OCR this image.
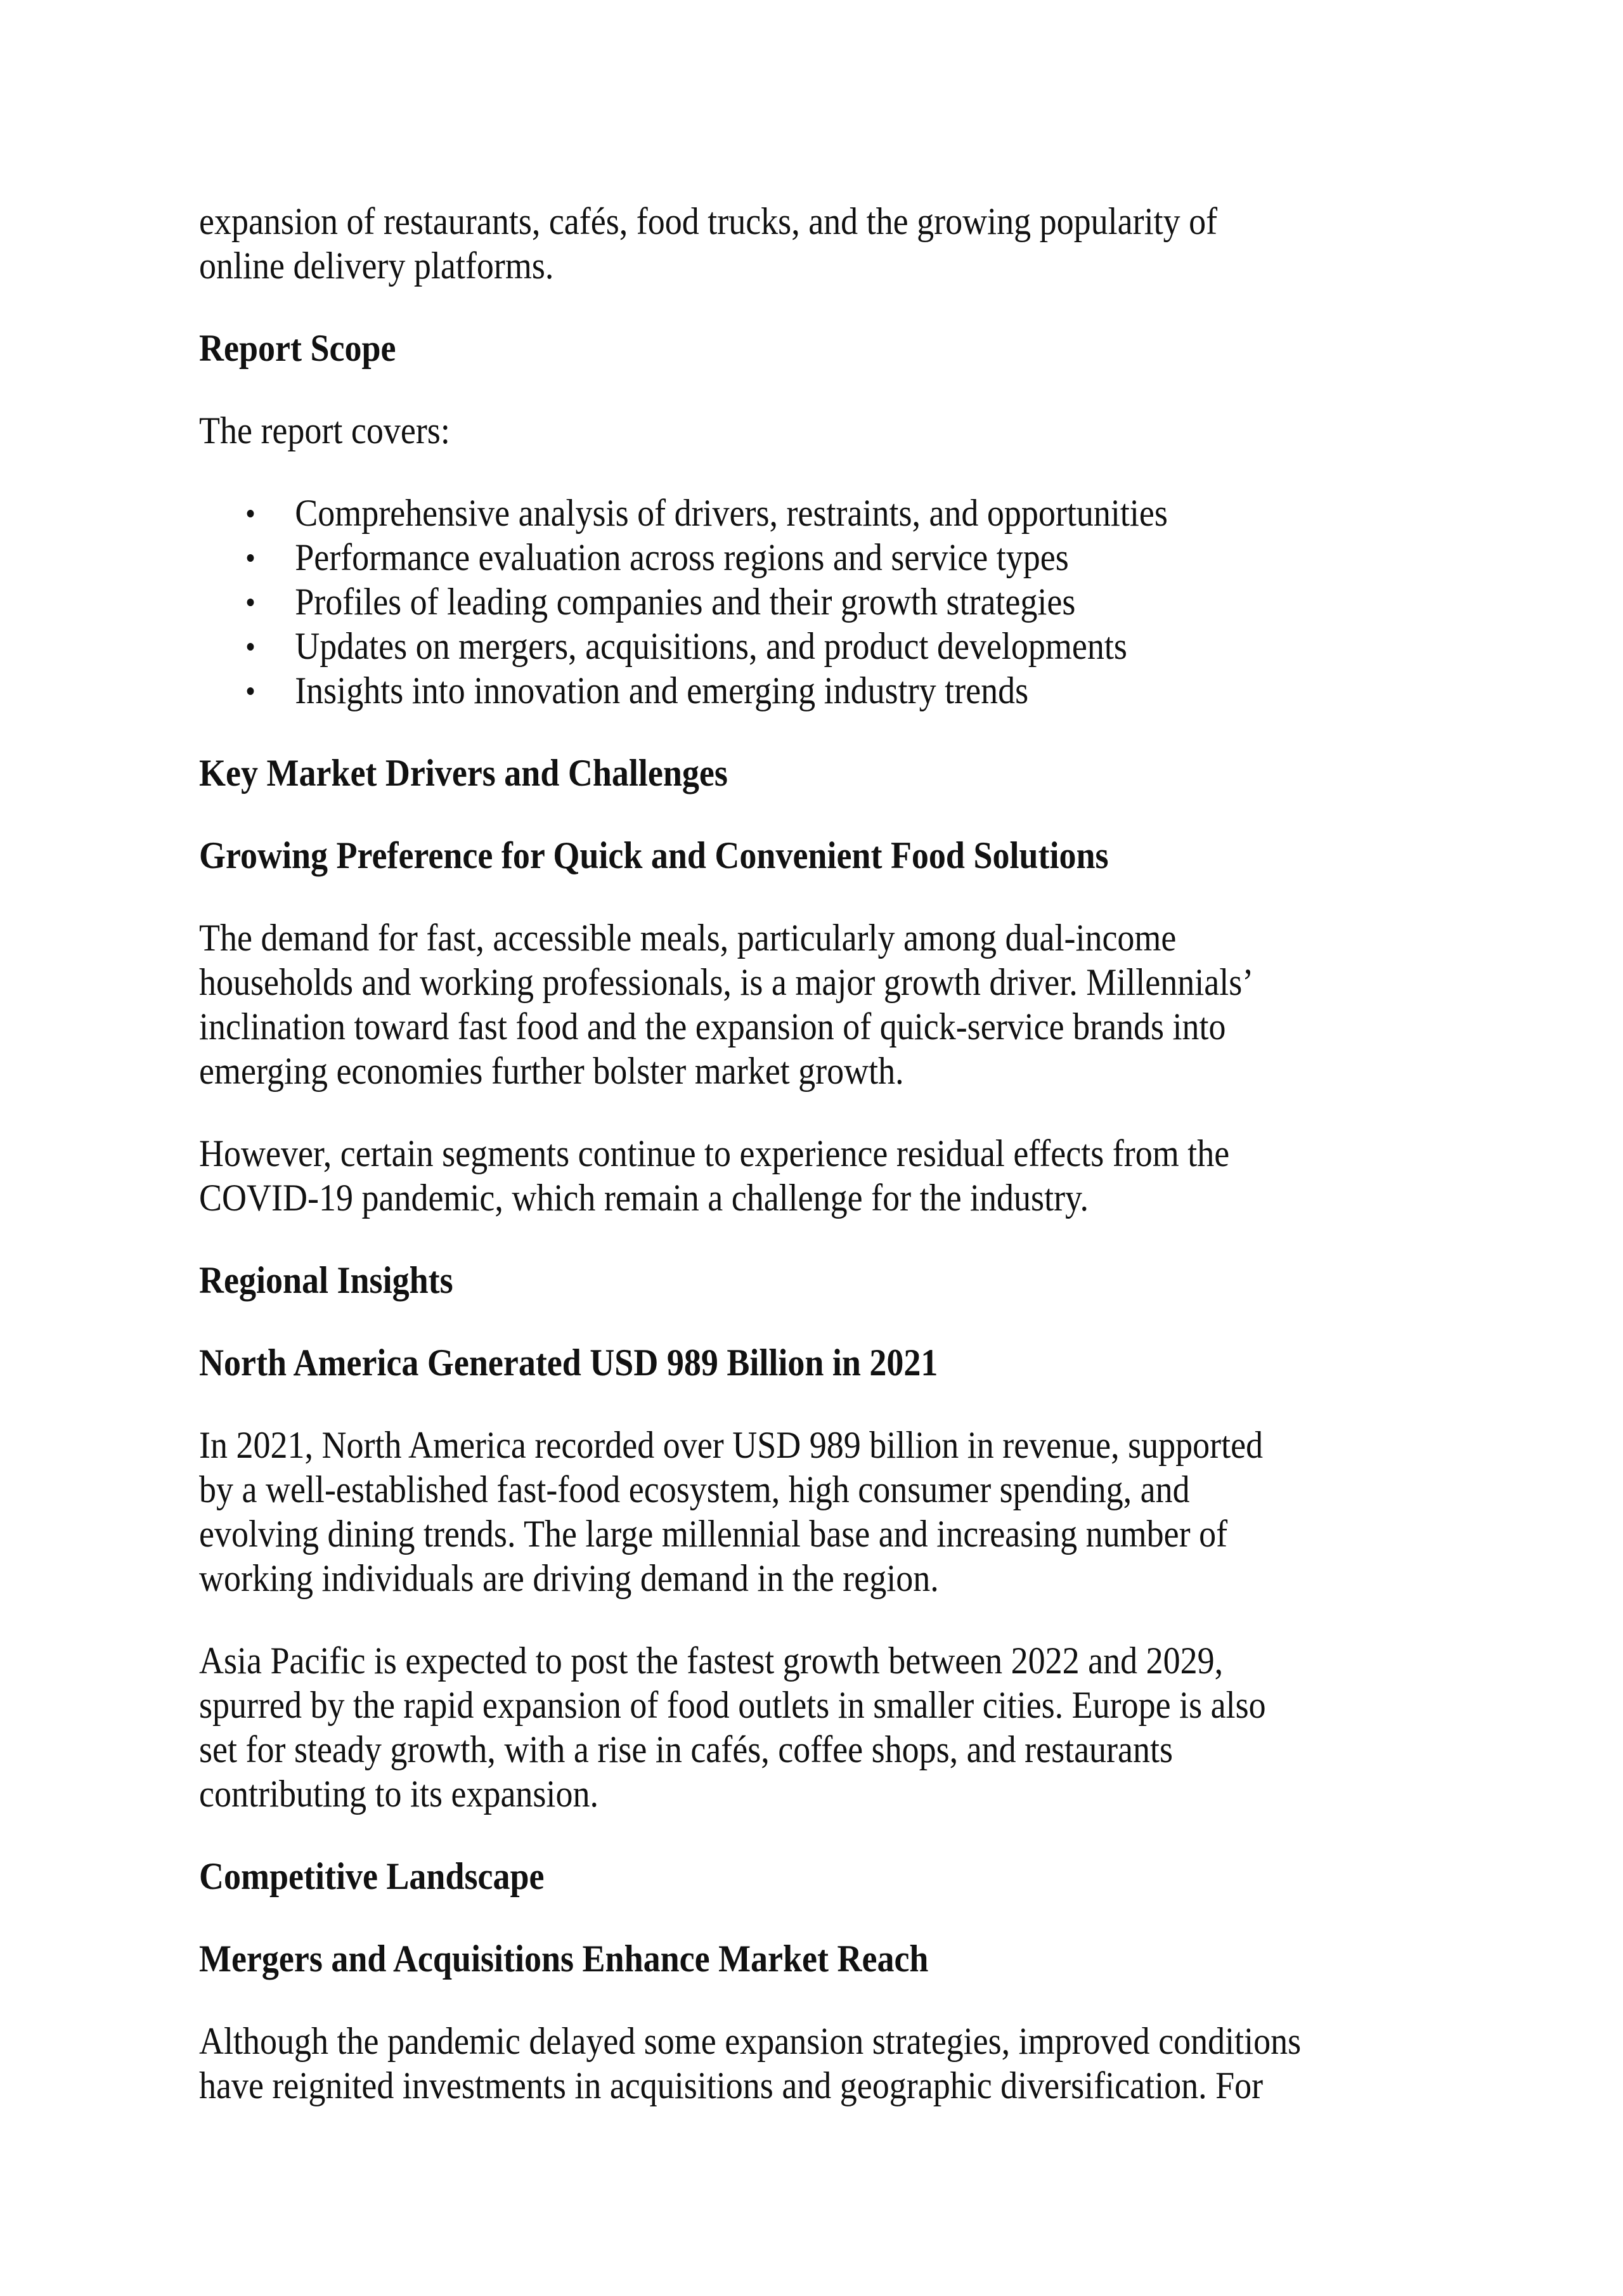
expansion of restaurants, cafés, food trucks, and the growing popularity of
online delivery platforms.

Report Scope

The report covers:

Comprehensive analysis of drivers, restraints, and opportunities
Performance evaluation across regions and service types
Profiles of leading companies and their growth strategies
Updates on mergers, acquisitions, and product developments
Insights into innovation and emerging industry trends
Key Market Drivers and Challenges
Growing Preference for Quick and Convenient Food Solutions

The demand for fast, accessible meals, particularly among dual-income
households and working professionals, is a major growth driver. Millennials’
inclination toward fast food and the expansion of quick-service brands into
emerging economies further bolster market growth.

However, certain segments continue to experience residual effects from the
COVID-19 pandemic, which remain a challenge for the industry.

Regional Insights
North America Generated USD 989 Billion in 2021

In 2021, North America recorded over USD 989 billion in revenue, supported
by a well-established fast-food ecosystem, high consumer spending, and
evolving dining trends. The large millennial base and increasing number of
working individuals are driving demand in the region.

Asia Pacific is expected to post the fastest growth between 2022 and 2029,
spurred by the rapid expansion of food outlets in smaller cities. Europe is also
set for steady growth, with a rise in cafés, coffee shops, and restaurants
contributing to its expansion.

Competitive Landscape
Mergers and Acquisitions Enhance Market Reach

Although the pandemic delayed some expansion strategies, improved conditions
have reignited investments in acquisitions and geographic diversification. For
